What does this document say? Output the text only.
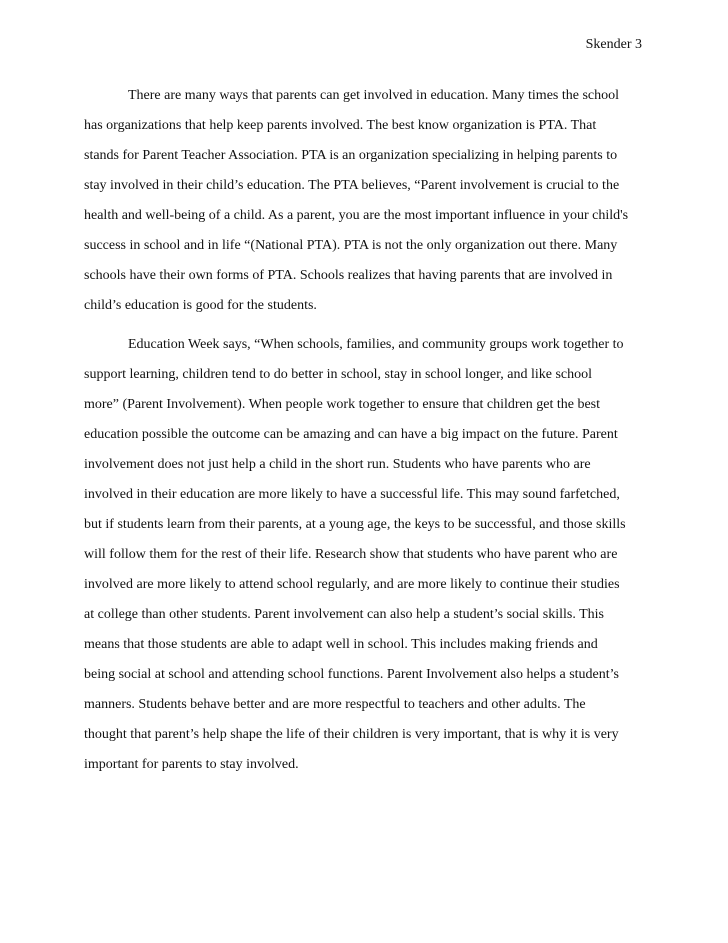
Skender 3
There are many ways that parents can get involved in education. Many times the school
has organizations that help keep parents involved. The best know organization is PTA. That
stands for Parent Teacher Association. PTA is an organization specializing in helping parents to
stay involved in their child’s education. The PTA believes, “Parent involvement is crucial to the
health and well-being of a child. As a parent, you are the most important influence in your child's
success in school and in life “(National PTA). PTA is not the only organization out there. Many
schools have their own forms of PTA. Schools realizes that having parents that are involved in
child’s education is good for the students.
Education Week says, “When schools, families, and community groups work together to
support learning, children tend to do better in school, stay in school longer, and like school
more” (Parent Involvement). When people work together to ensure that children get the best
education possible the outcome can be amazing and can have a big impact on the future. Parent
involvement does not just help a child in the short run. Students who have parents who are
involved in their education are more likely to have a successful life. This may sound farfetched,
but if students learn from their parents, at a young age, the keys to be successful, and those skills
will follow them for the rest of their life. Research show that students who have parent who are
involved are more likely to attend school regularly, and are more likely to continue their studies
at college than other students. Parent involvement can also help a student’s social skills. This
means that those students are able to adapt well in school. This includes making friends and
being social at school and attending school functions. Parent Involvement also helps a student’s
manners. Students behave better and are more respectful to teachers and other adults. The
thought that parent’s help shape the life of their children is very important, that is why it is very
important for parents to stay involved.
